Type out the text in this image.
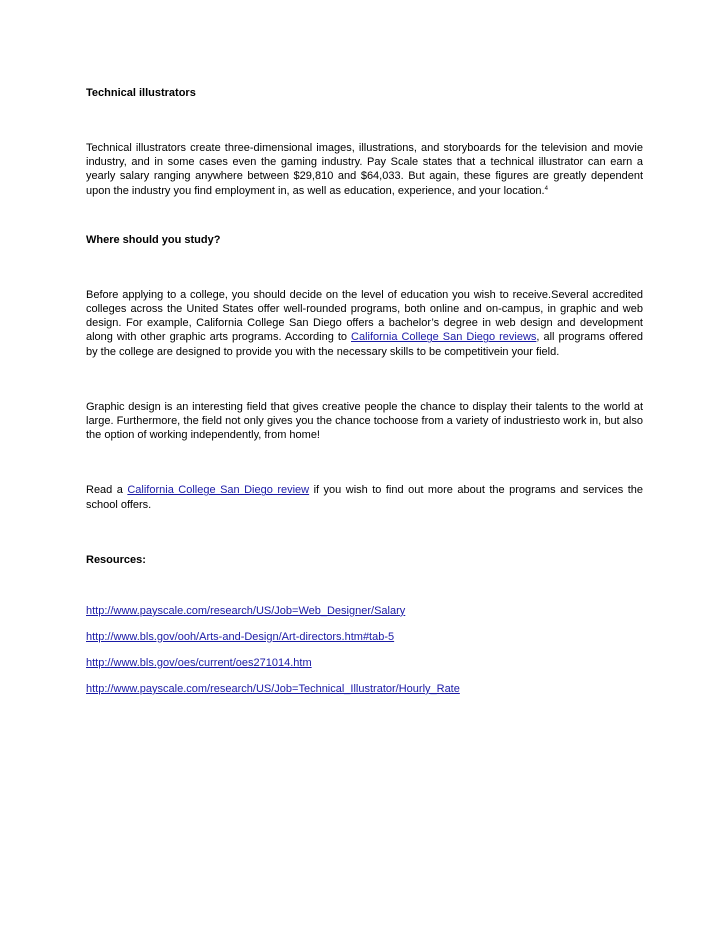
Technical illustrators

Technical illustrators create three-dimensional images, illustrations, and storyboards for the television and movie industry, and in some cases even the gaming industry. Pay Scale states that a technical illustrator can earn a yearly salary ranging anywhere between $29,810 and $64,033. But again, these figures are greatly dependent upon the industry you find employment in, as well as education, experience, and your location.$^4$

Where should you study?

Before applying to a college, you should decide on the level of education you wish to receive.Several accredited colleges across the United States offer well-rounded programs, both online and on-campus, in graphic and web design. For example, California College San Diego offers a bachelor’s degree in web design and development along with other graphic arts programs. According to California College San Diego reviews, all programs offered by the college are designed to provide you with the necessary skills to be competitivein your field.

Graphic design is an interesting field that gives creative people the chance to display their talents to the world at large. Furthermore, the field not only gives you the chance tochoose from a variety of industriesto work in, but also the option of working independently, from home!

Read a California College San Diego review if you wish to find out more about the programs and services the school offers.

Resources:
http://www.payscale.com/research/US/Job=Web_Designer/Salary
http://www.bls.gov/ooh/Arts-and-Design/Art-directors.htm#tab-5
http://www.bls.gov/oes/current/oes271014.htm
http://www.payscale.com/research/US/Job=Technical_Illustrator/Hourly_Rate
